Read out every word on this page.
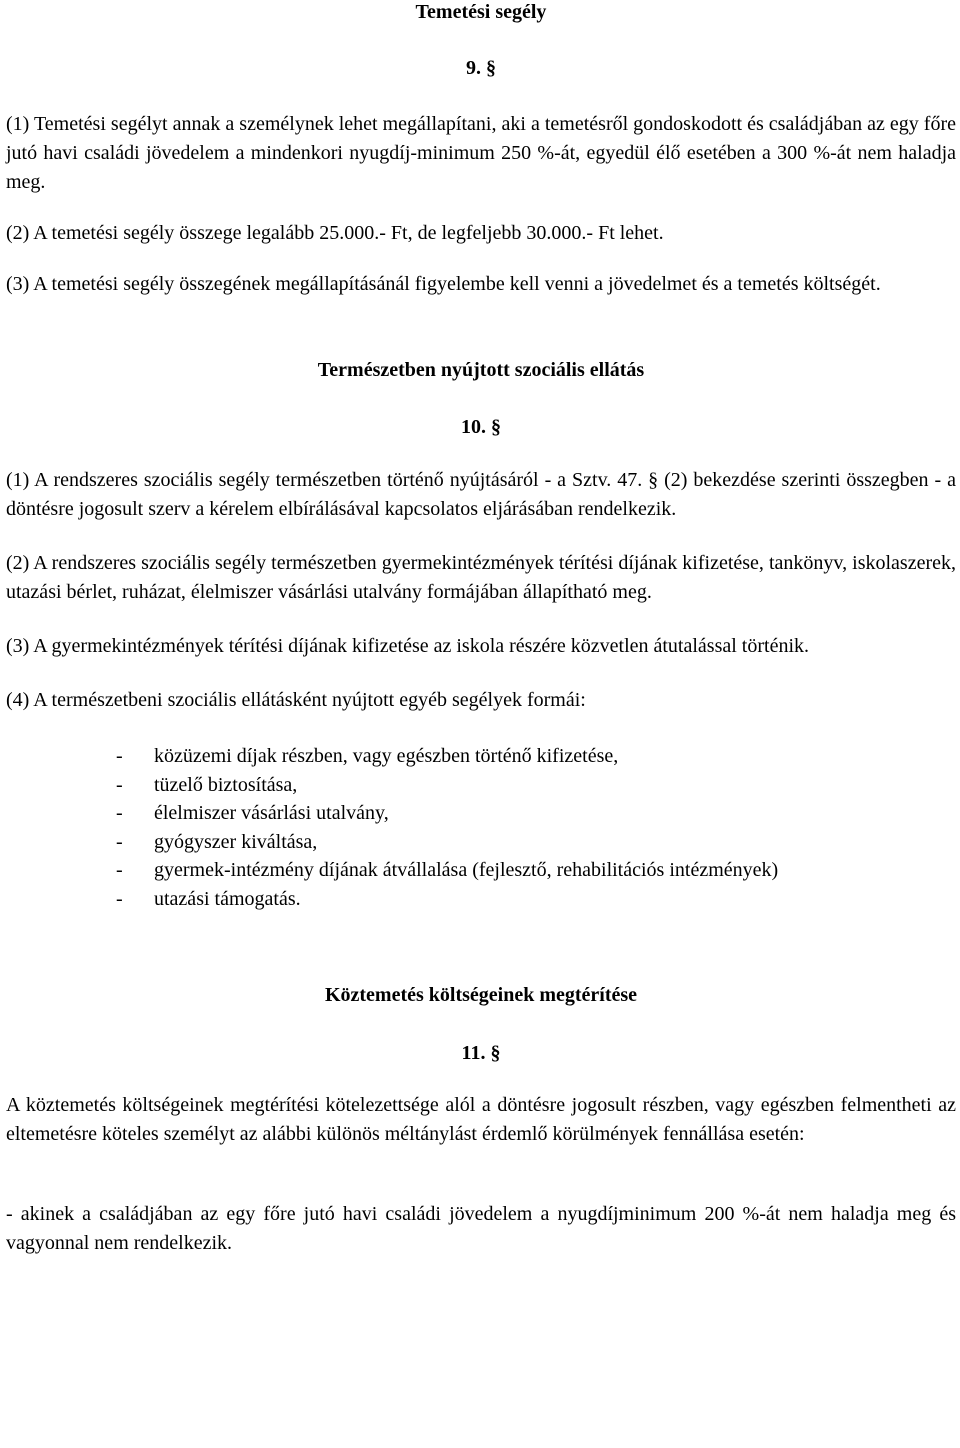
Temetési segély

9. §

(1) Temetési segélyt annak a személynek lehet megállapítani, aki a temetésről gondoskodott és családjában az egy főre jutó havi családi jövedelem a mindenkori nyugdíj-minimum 250 %-át, egyedül élő esetében a 300 %-át nem haladja meg.

(2) A temetési segély összege legalább 25.000.- Ft, de legfeljebb 30.000.- Ft lehet.

(3) A temetési segély összegének megállapításánál figyelembe kell venni a jövedelmet és a temetés költségét.

Természetben nyújtott szociális ellátás

10. §

(1) A rendszeres szociális segély természetben történő nyújtásáról - a Sztv. 47. § (2) bekezdése szerinti összegben - a döntésre jogosult szerv a kérelem elbírálásával kapcsolatos eljárásában rendelkezik.

(2) A rendszeres szociális segély természetben gyermekintézmények térítési díjának kifizetése, tankönyv, iskolaszerek, utazási bérlet, ruházat, élelmiszer vásárlási utalvány formájában állapítható meg.

(3) A gyermekintézmények térítési díjának kifizetése az iskola részére közvetlen átutalással történik.

(4) A természetbeni szociális ellátásként nyújtott egyéb segélyek formái:

- közüzemi díjak részben, vagy egészben történő kifizetése,
- tüzelő biztosítása,
- élelmiszer vásárlási utalvány,
- gyógyszer kiváltása,
- gyermek-intézmény díjának átvállalása (fejlesztő, rehabilitációs intézmények)
- utazási támogatás.

Köztemetés költségeinek megtérítése

11. §

A köztemetés költségeinek megtérítési kötelezettsége alól a döntésre jogosult részben, vagy egészben felmentheti az eltemetésre köteles személyt az alábbi különös méltánylást érdemlő körülmények fennállása esetén:

- akinek a családjában az egy főre jutó havi családi jövedelem a nyugdíjminimum 200 %-át nem haladja meg és vagyonnal nem rendelkezik.
